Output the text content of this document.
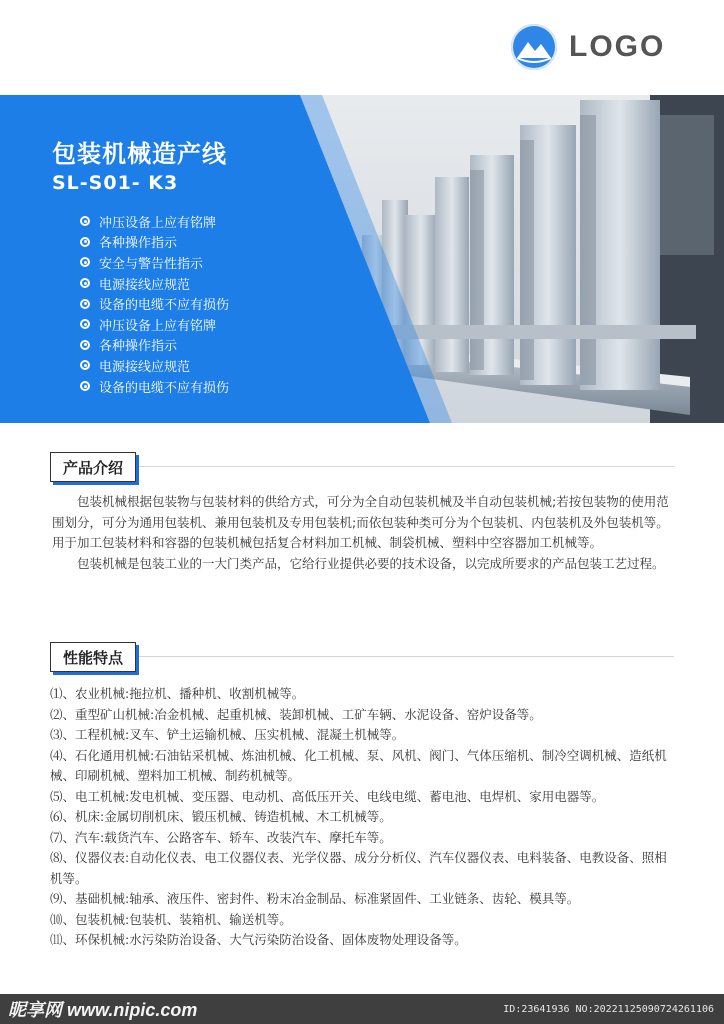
LOGO
包装机械造产线
SL-S01- K3
冲压设备上应有铭牌
各种操作指示
安全与警告性指示
电源接线应规范
设备的电缆不应有损伤
冲压设备上应有铭牌
各种操作指示
电源接线应规范
设备的电缆不应有损伤
产品介绍

包装机械根据包装物与包装材料的供给方式，可分为全自动包装机械及半自动包装机械;若按包装物的使用范围划分，可分为通用包装机、兼用包装机及专用包装机;而依包装种类可分为个包装机、内包装机及外包装机等。用于加工包装材料和容器的包装机械包括复合材料加工机械、制袋机械、塑料中空容器加工机械等。

包装机械是包装工业的一大门类产品，它给行业提供必要的技术设备，以完成所要求的产品包装工艺过程。

性能特点
⑴、农业机械:拖拉机、播种机、收割机械等。
⑵、重型矿山机械:冶金机械、起重机械、装卸机械、工矿车辆、水泥设备、窑炉设备等。
⑶、工程机械:叉车、铲土运输机械、压实机械、混凝土机械等。
⑷、石化通用机械:石油钻采机械、炼油机械、化工机械、泵、风机、阀门、气体压缩机、制冷空调机械、造纸机械、印刷机械、塑料加工机械、制药机械等。
⑸、电工机械:发电机械、变压器、电动机、高低压开关、电线电缆、蓄电池、电焊机、家用电器等。
⑹、机床:金属切削机床、锻压机械、铸造机械、木工机械等。
⑺、汽车:载货汽车、公路客车、轿车、改装汽车、摩托车等。
⑻、仪器仪表:自动化仪表、电工仪器仪表、光学仪器、成分分析仪、汽车仪器仪表、电料装备、电教设备、照相机等。
⑼、基础机械:轴承、液压件、密封件、粉末冶金制品、标准紧固件、工业链条、齿轮、模具等。
⑽、包装机械:包装机、装箱机、输送机等。
⑾、环保机械:水污染防治设备、大气污染防治设备、固体废物处理设备等。
昵享网 www.nipic.com	ID:23641936 NO:20221125090724261106
